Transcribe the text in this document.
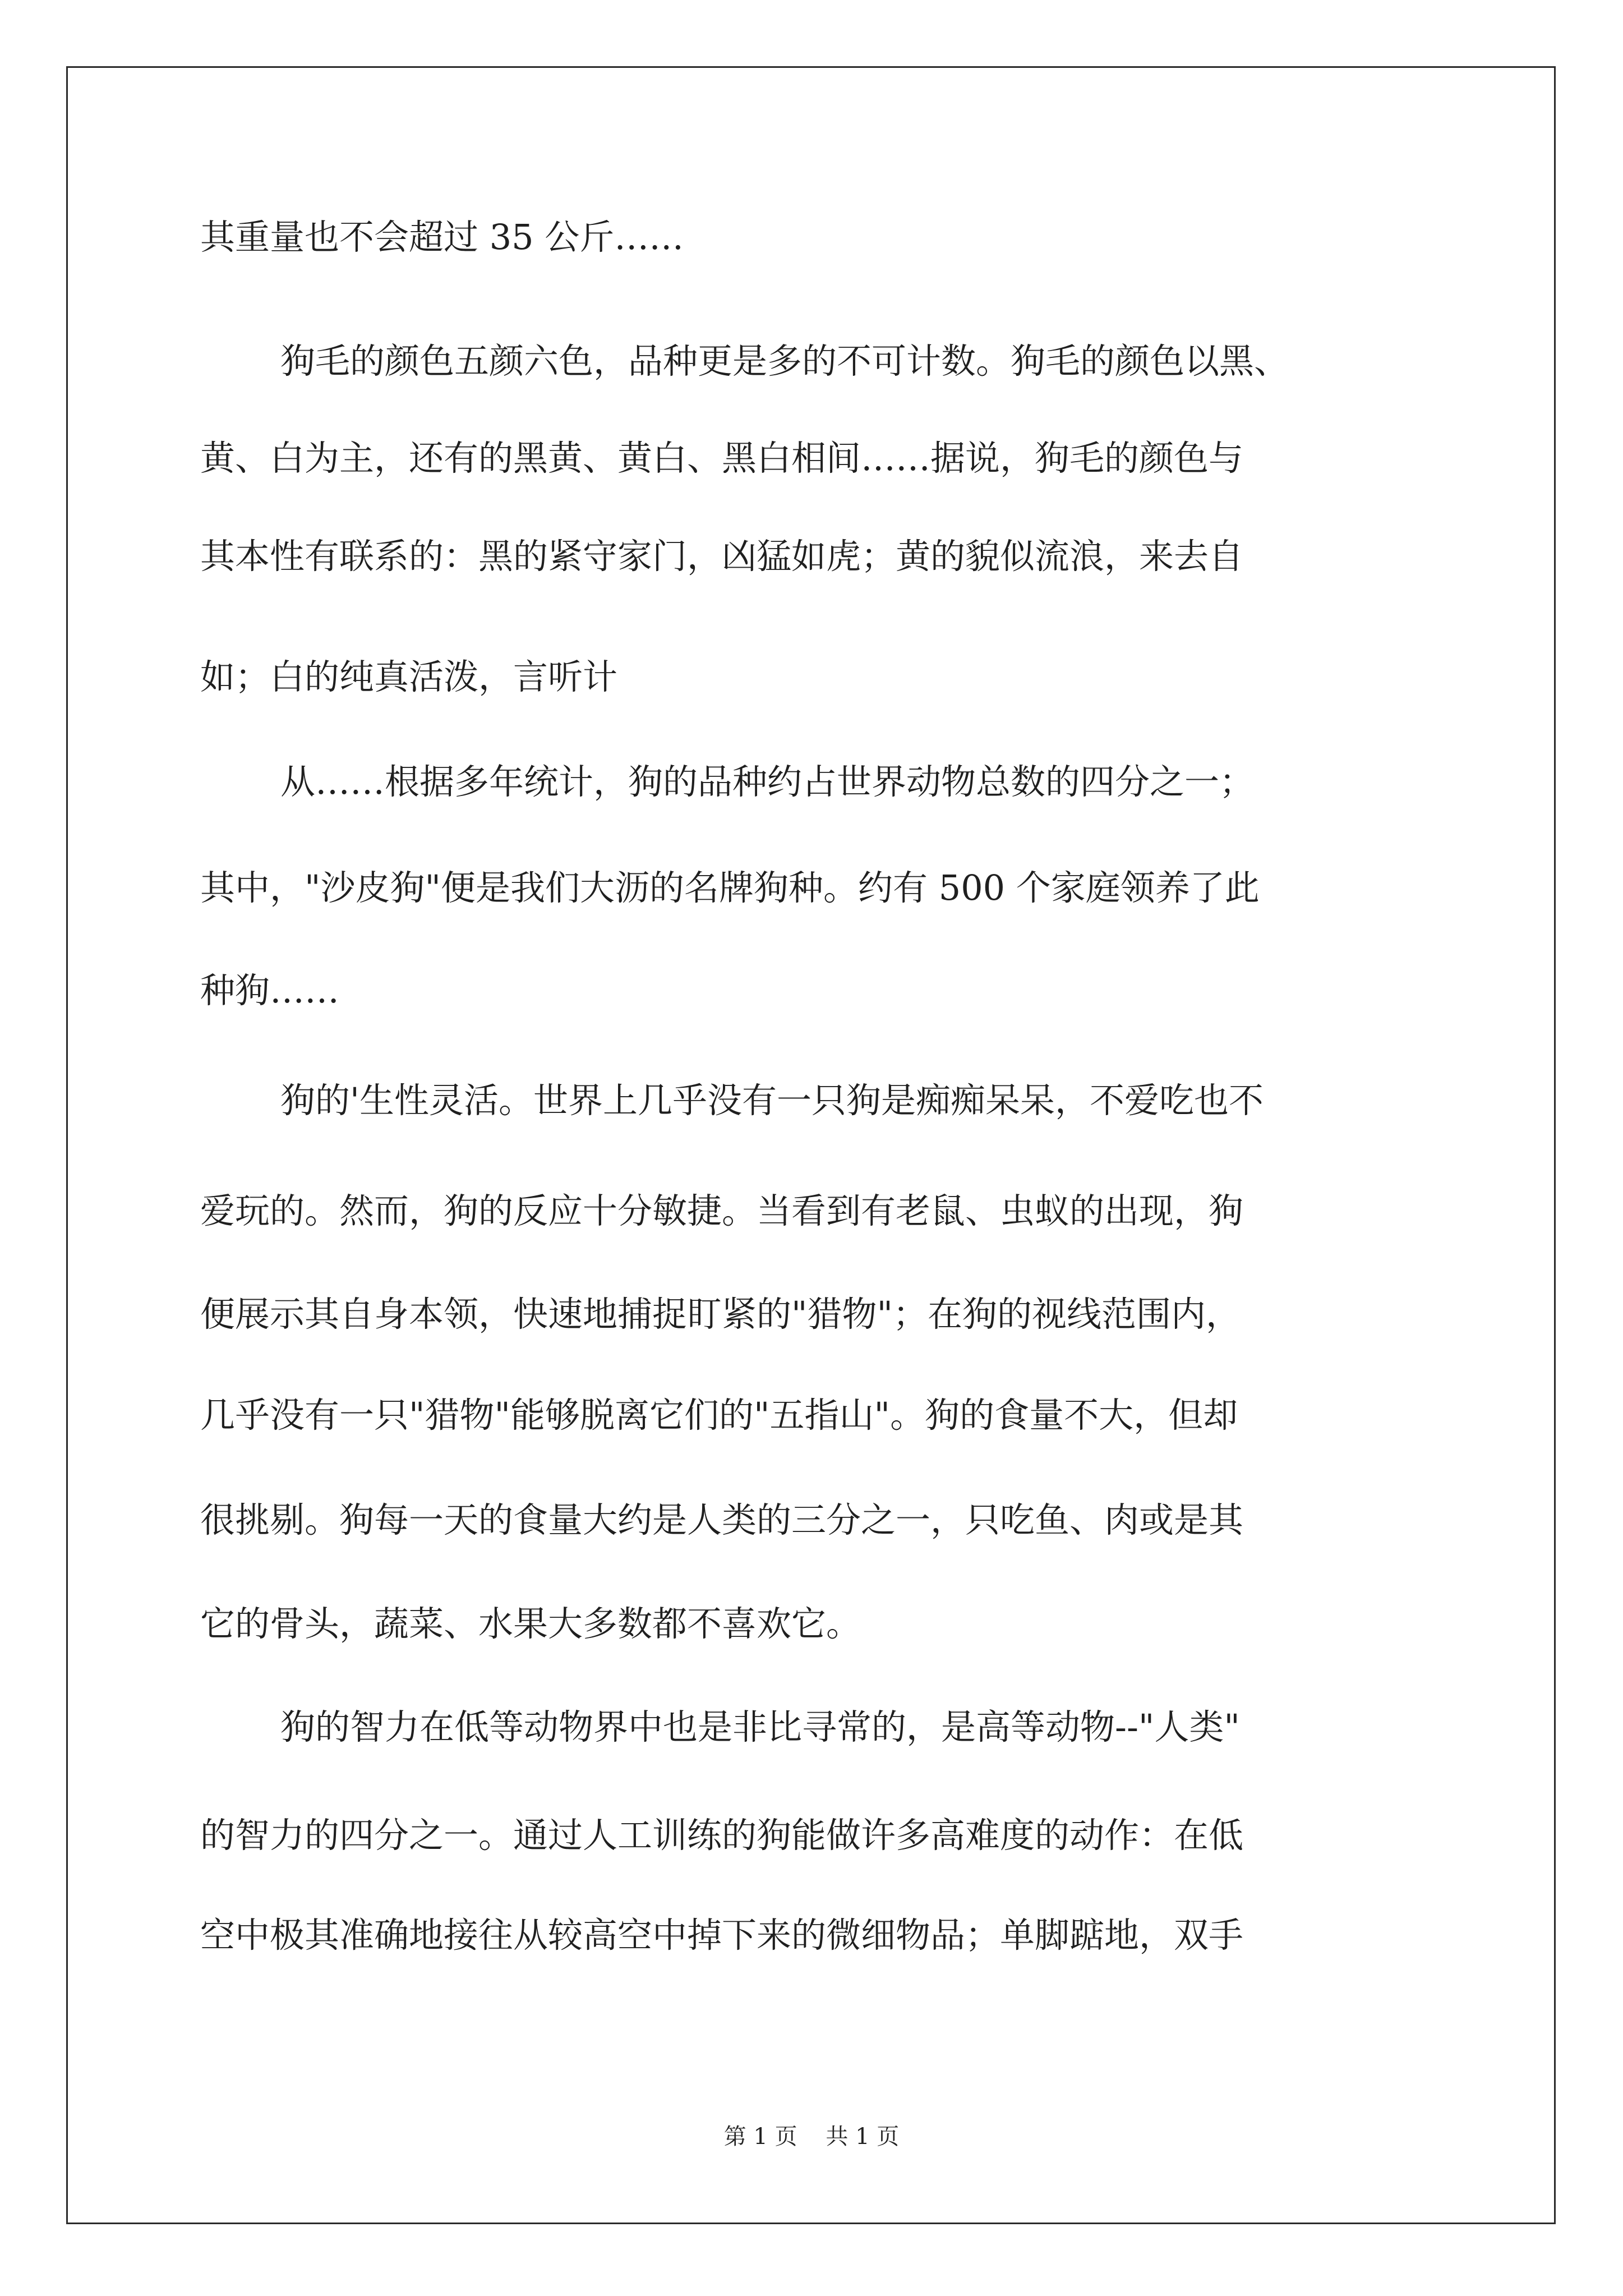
其重量也不会超过 35 公斤……

狗毛的颜色五颜六色，品种更是多的不可计数。狗毛的颜色以黑、

黄、白为主，还有的黑黄、黄白、黑白相间……据说，狗毛的颜色与

其本性有联系的：黑的紧守家门，凶猛如虎；黄的貌似流浪，来去自

如；白的纯真活泼，言听计

从……根据多年统计，狗的品种约占世界动物总数的四分之一；

其中，"沙皮狗"便是我们大沥的名牌狗种。约有 500 个家庭领养了此

种狗……

狗的'生性灵活。世界上几乎没有一只狗是痴痴呆呆，不爱吃也不

爱玩的。然而，狗的反应十分敏捷。当看到有老鼠、虫蚁的出现，狗

便展示其自身本领，快速地捕捉盯紧的"猎物"；在狗的视线范围内，

几乎没有一只"猎物"能够脱离它们的"五指山"。狗的食量不大，但却

很挑剔。狗每一天的食量大约是人类的三分之一，只吃鱼、肉或是其

它的骨头，蔬菜、水果大多数都不喜欢它。

狗的智力在低等动物界中也是非比寻常的，是高等动物--"人类"

的智力的四分之一。通过人工训练的狗能做许多高难度的动作：在低

空中极其准确地接往从较高空中掉下来的微细物品；单脚踮地，双手

第 1 页    共 1 页
